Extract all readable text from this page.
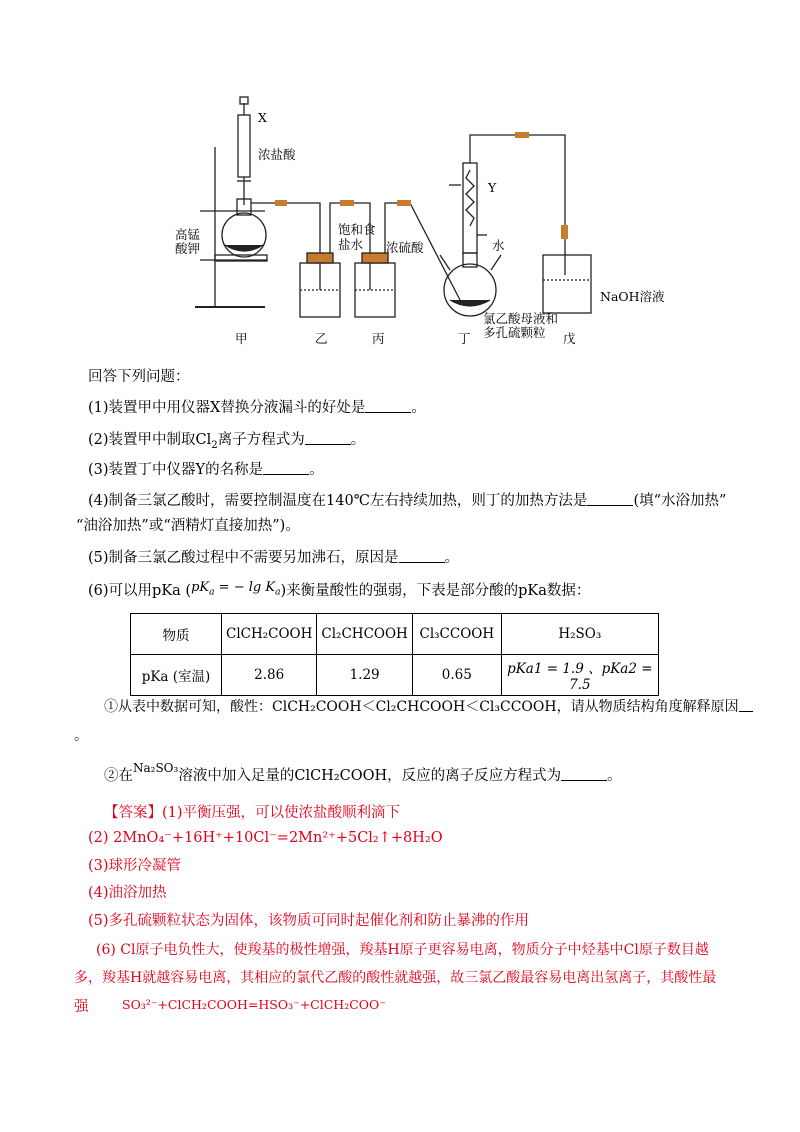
X
浓盐酸
高锰酸钾
饱和食盐水	浓硫酸
Y
水
NaOH溶液
氯乙酸母液和多孔硫颗粒
甲	乙	丙	丁	戊
回答下列问题：
(1)装置甲中用仪器X替换分液漏斗的好处是	。
(2)装置甲中制取$Cl_2$离子方程式为	。
(3)装置丁中仪器Y的名称是	。
(4)制备三氯乙酸时，需要控制温度在140℃左右持续加热，则丁的加热方法是	(填“水浴加热”
“油浴加热”或“酒精灯直接加热”)。
(5)制备三氯乙酸过程中不需要另加沸石，原因是	。
(6)可以用pKa ($pK_a$ = − $\lg K_a$)来衡量酸性的强弱，下表是部分酸的pKa数据：
物质	ClCH₂COOH	Cl₂CHCOOH	Cl₃CCOOH	H₂SO₃
pKa (室温)	2.86	1.29	0.65	pKa1 = 1.9 、pKa2 = 7.5
①从表中数据可知，酸性：ClCH₂COOH＜Cl₂CHCOOH＜Cl₃CCOOH，请从物质结构角度解释原因
。
②在$^{Na_2SO_3}$溶液中加入足量的ClCH₂COOH，反应的离子反应方程式为	。
【答案】(1)平衡压强，可以使浓盐酸顺利滴下
(2) 2MnO₄⁻+16H⁺+10Cl⁻=2Mn²⁺+5Cl₂↑+8H₂O
(3)球形冷凝管
(4)油浴加热
(5)多孔硫颗粒状态为固体，该物质可同时起催化剂和防止暴沸的作用
(6) Cl原子电负性大，使羧基的极性增强，羧基H原子更容易电离，物质分子中烃基中Cl原子数目越
多，羧基H就越容易电离，其相应的氯代乙酸的酸性就越强，故三氯乙酸最容易电离出氢离子，其酸性最
强	SO₃²⁻+ClCH₂COOH=HSO₃⁻+ClCH₂COO⁻
